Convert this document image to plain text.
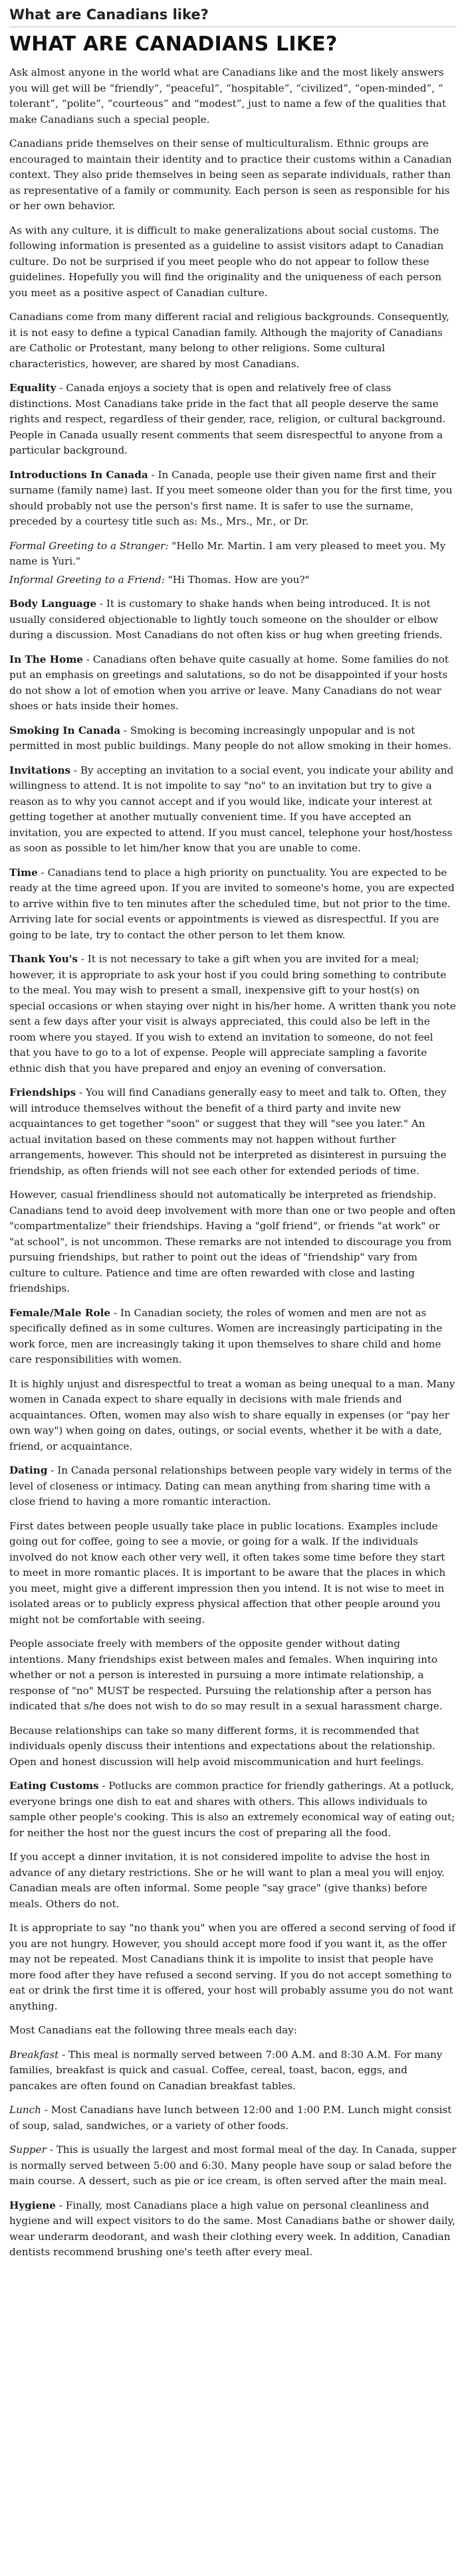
What are Canadians like?
WHAT ARE CANADIANS LIKE?

Ask almost anyone in the world what are Canadians like and the most likely answers you will get will be “friendly”, “peaceful”, “hospitable”, “civilized”, “open-minded”, “ tolerant”, “polite”, “courteous” and “modest”, just to name a few of the qualities that make Canadians such a special people.

Canadians pride themselves on their sense of multiculturalism. Ethnic groups are encouraged to maintain their identity and to practice their customs within a Canadian context. They also pride themselves in being seen as separate individuals, rather than as representative of a family or community. Each person is seen as responsible for his or her own behavior.

As with any culture, it is difficult to make generalizations about social customs. The following information is presented as a guideline to assist visitors adapt to Canadian culture. Do not be surprised if you meet people who do not appear to follow these guidelines. Hopefully you will find the originality and the uniqueness of each person you meet as a positive aspect of Canadian culture.

Canadians come from many different racial and religious backgrounds. Consequently, it is not easy to define a typical Canadian family. Although the majority of Canadians are Catholic or Protestant, many belong to other religions. Some cultural characteristics, however, are shared by most Canadians.

Equality - Canada enjoys a society that is open and relatively free of class distinctions. Most Canadians take pride in the fact that all people deserve the same rights and respect, regardless of their gender, race, religion, or cultural background. People in Canada usually resent comments that seem disrespectful to anyone from a particular background.

Introductions In Canada - In Canada, people use their given name first and their surname (family name) last. If you meet someone older than you for the first time, you should probably not use the person's first name. It is safer to use the surname, preceded by a courtesy title such as: Ms., Mrs., Mr., or Dr.

Formal Greeting to a Stranger: "Hello Mr. Martin. I am very pleased to meet you. My name is Yuri."

Informal Greeting to a Friend: "Hi Thomas. How are you?"

Body Language - It is customary to shake hands when being introduced. It is not usually considered objectionable to lightly touch someone on the shoulder or elbow during a discussion. Most Canadians do not often kiss or hug when greeting friends.

In The Home - Canadians often behave quite casually at home. Some families do not put an emphasis on greetings and salutations, so do not be disappointed if your hosts do not show a lot of emotion when you arrive or leave. Many Canadians do not wear shoes or hats inside their homes.

Smoking In Canada - Smoking is becoming increasingly unpopular and is not permitted in most public buildings. Many people do not allow smoking in their homes.

Invitations - By accepting an invitation to a social event, you indicate your ability and willingness to attend. It is not impolite to say "no" to an invitation but try to give a reason as to why you cannot accept and if you would like, indicate your interest at getting together at another mutually convenient time. If you have accepted an invitation, you are expected to attend. If you must cancel, telephone your host/hostess as soon as possible to let him/her know that you are unable to come.

Time - Canadians tend to place a high priority on punctuality. You are expected to be ready at the time agreed upon. If you are invited to someone's home, you are expected to arrive within five to ten minutes after the scheduled time, but not prior to the time. Arriving late for social events or appointments is viewed as disrespectful. If you are going to be late, try to contact the other person to let them know.

Thank You's - It is not necessary to take a gift when you are invited for a meal; however, it is appropriate to ask your host if you could bring something to contribute to the meal. You may wish to present a small, inexpensive gift to your host(s) on special occasions or when staying over night in his/her home. A written thank you note sent a few days after your visit is always appreciated, this could also be left in the room where you stayed. If you wish to extend an invitation to someone, do not feel that you have to go to a lot of expense. People will appreciate sampling a favorite ethnic dish that you have prepared and enjoy an evening of conversation.

Friendships - You will find Canadians generally easy to meet and talk to. Often, they will introduce themselves without the benefit of a third party and invite new acquaintances to get together "soon" or suggest that they will "see you later." An actual invitation based on these comments may not happen without further arrangements, however. This should not be interpreted as disinterest in pursuing the friendship, as often friends will not see each other for extended periods of time.

However, casual friendliness should not automatically be interpreted as friendship. Canadians tend to avoid deep involvement with more than one or two people and often "compartmentalize" their friendships. Having a "golf friend", or friends "at work" or "at school", is not uncommon. These remarks are not intended to discourage you from pursuing friendships, but rather to point out the ideas of "friendship" vary from culture to culture. Patience and time are often rewarded with close and lasting friendships.

Female/Male Role - In Canadian society, the roles of women and men are not as specifically defined as in some cultures. Women are increasingly participating in the work force, men are increasingly taking it upon themselves to share child and home care responsibilities with women.

It is highly unjust and disrespectful to treat a woman as being unequal to a man. Many women in Canada expect to share equally in decisions with male friends and acquaintances. Often, women may also wish to share equally in expenses (or "pay her own way") when going on dates, outings, or social events, whether it be with a date, friend, or acquaintance.

Dating - In Canada personal relationships between people vary widely in terms of the level of closeness or intimacy. Dating can mean anything from sharing time with a close friend to having a more romantic interaction.

First dates between people usually take place in public locations. Examples include going out for coffee, going to see a movie, or going for a walk. If the individuals involved do not know each other very well, it often takes some time before they start to meet in more romantic places. It is important to be aware that the places in which you meet, might give a different impression then you intend. It is not wise to meet in isolated areas or to publicly express physical affection that other people around you might not be comfortable with seeing.

People associate freely with members of the opposite gender without dating intentions. Many friendships exist between males and females. When inquiring into whether or not a person is interested in pursuing a more intimate relationship, a response of "no" MUST be respected. Pursuing the relationship after a person has indicated that s/he does not wish to do so may result in a sexual harassment charge.

Because relationships can take so many different forms, it is recommended that individuals openly discuss their intentions and expectations about the relationship. Open and honest discussion will help avoid miscommunication and hurt feelings.

Eating Customs - Potlucks are common practice for friendly gatherings. At a potluck, everyone brings one dish to eat and shares with others. This allows individuals to sample other people's cooking. This is also an extremely economical way of eating out; for neither the host nor the guest incurs the cost of preparing all the food.

If you accept a dinner invitation, it is not considered impolite to advise the host in advance of any dietary restrictions. She or he will want to plan a meal you will enjoy. Canadian meals are often informal. Some people "say grace" (give thanks) before meals. Others do not.

It is appropriate to say "no thank you" when you are offered a second serving of food if you are not hungry. However, you should accept more food if you want it, as the offer may not be repeated. Most Canadians think it is impolite to insist that people have more food after they have refused a second serving. If you do not accept something to eat or drink the first time it is offered, your host will probably assume you do not want anything.

Most Canadians eat the following three meals each day:

Breakfast - This meal is normally served between 7:00 A.M. and 8:30 A.M. For many families, breakfast is quick and casual. Coffee, cereal, toast, bacon, eggs, and pancakes are often found on Canadian breakfast tables.

Lunch - Most Canadians have lunch between 12:00 and 1:00 P.M. Lunch might consist of soup, salad, sandwiches, or a variety of other foods.

Supper - This is usually the largest and most formal meal of the day. In Canada, supper is normally served between 5:00 and 6:30. Many people have soup or salad before the main course. A dessert, such as pie or ice cream, is often served after the main meal.

Hygiene - Finally, most Canadians place a high value on personal cleanliness and hygiene and will expect visitors to do the same. Most Canadians bathe or shower daily, wear underarm deodorant, and wash their clothing every week. In addition, Canadian dentists recommend brushing one's teeth after every meal.
